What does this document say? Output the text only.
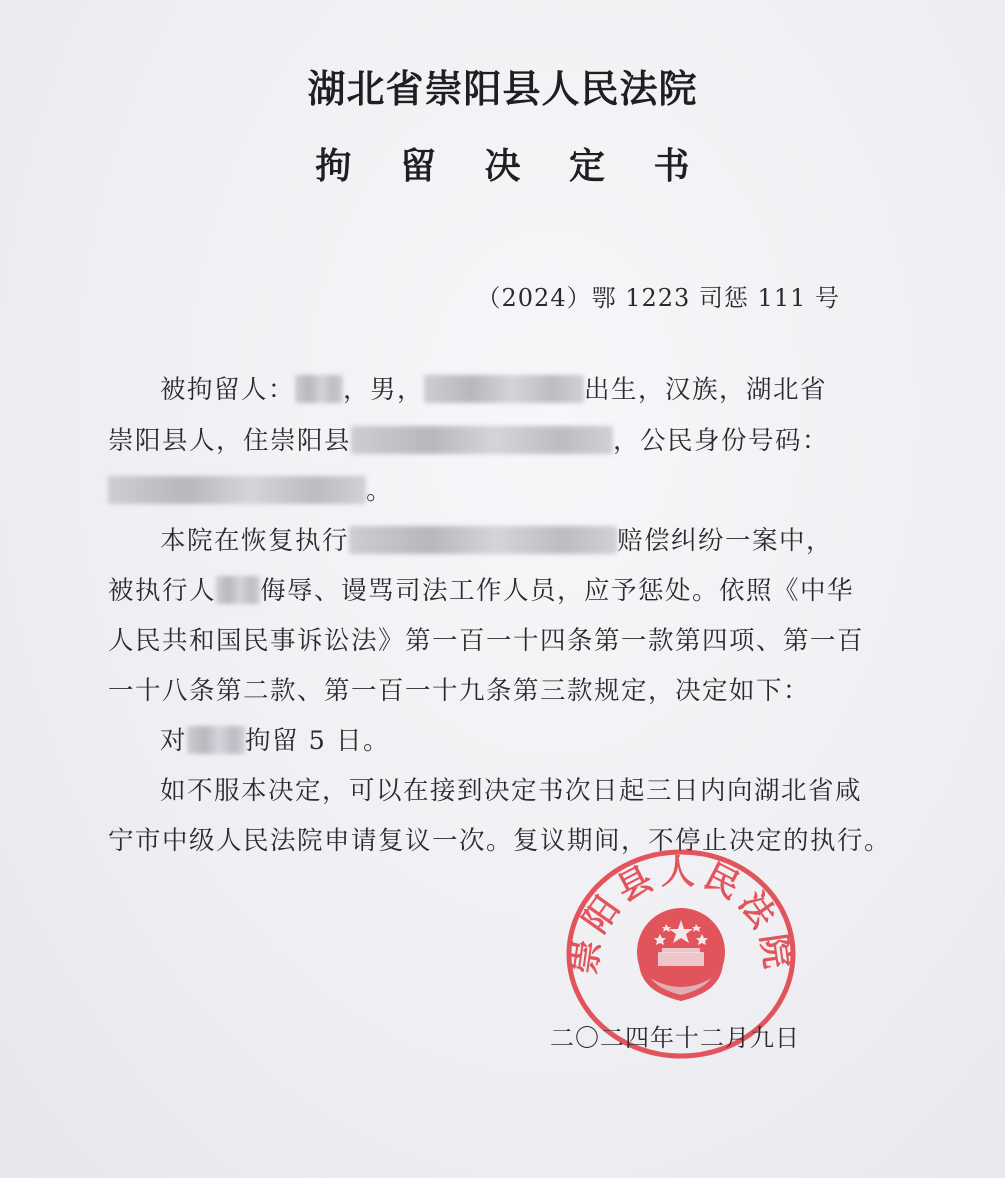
湖北省崇阳县人民法院
拘 留 决 定 书
（2024）鄂 1223 司惩 111 号
被拘留人： ，男，	出生，汉族，湖北省
崇阳县人，住崇阳县	，公民身份号码：
。
本院在恢复执行	赔偿纠纷一案中，
被执行人 侮辱、谩骂司法工作人员，应予惩处。依照《中华
人民共和国民事诉讼法》第一百一十四条第一款第四项、第一百
一十八条第二款、第一百一十九条第三款规定，决定如下：
对 拘留 5 日。
如不服本决定，可以在接到决定书次日起三日内向湖北省咸
宁市中级人民法院申请复议一次。复议期间，不停止决定的执行。
崇阳县人民法院
二〇二四年十二月九日
